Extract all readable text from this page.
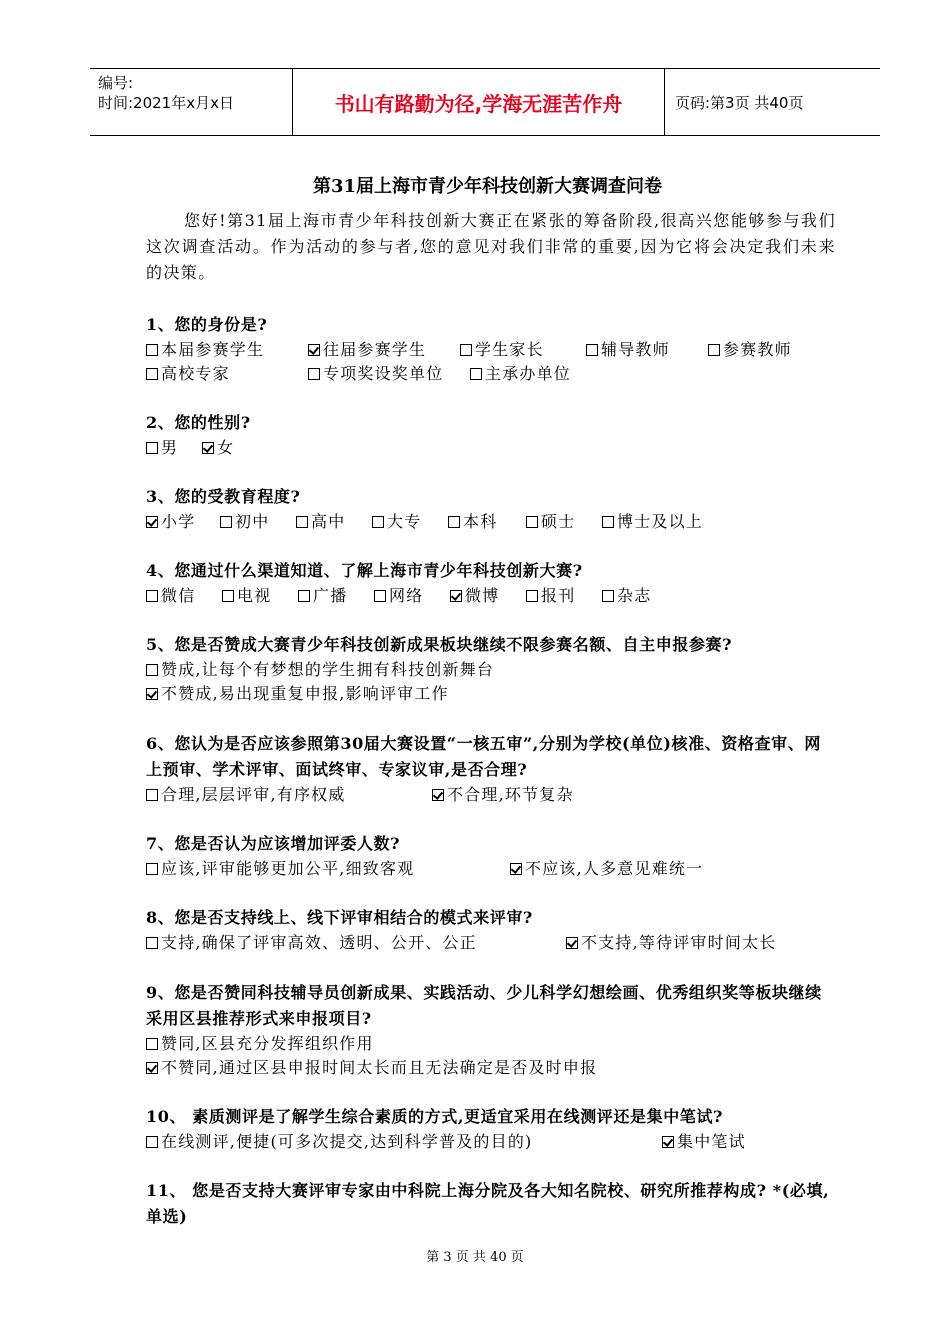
编号:
时间:2021年x月x日	书山有路勤为径,学海无涯苦作舟	页码:第3页 共40页
第31届上海市青少年科技创新大赛调查问卷
您好!第31届上海市青少年科技创新大赛正在紧张的筹备阶段,很高兴您能够参与我们这次调查活动。作为活动的参与者,您的意见对我们非常的重要,因为它将会决定我们未来的决策。
1、您的身份是?
本届参赛学生	往届参赛学生	学生家长	辅导教师	参赛教师
高校专家	专项奖设奖单位	主承办单位
2、您的性别?
男	女
3、您的受教育程度?
小学	初中	高中	大专	本科	硕士	博士及以上
4、您通过什么渠道知道、了解上海市青少年科技创新大赛?
微信	电视	广播	网络	微博	报刊	杂志
5、您是否赞成大赛青少年科技创新成果板块继续不限参赛名额、自主申报参赛?
赞成,让每个有梦想的学生拥有科技创新舞台
不赞成,易出现重复申报,影响评审工作
6、您认为是否应该参照第30届大赛设置“一核五审”,分别为学校(单位)核准、资格查审、网上预审、学术评审、面试终审、专家议审,是否合理?
合理,层层评审,有序权威	不合理,环节复杂
7、您是否认为应该增加评委人数?
应该,评审能够更加公平,细致客观	不应该,人多意见难统一
8、您是否支持线上、线下评审相结合的模式来评审?
支持,确保了评审高效、透明、公开、公正	不支持,等待评审时间太长
9、您是否赞同科技辅导员创新成果、实践活动、少儿科学幻想绘画、优秀组织奖等板块继续采用区县推荐形式来申报项目?
赞同,区县充分发挥组织作用
不赞同,通过区县申报时间太长而且无法确定是否及时申报
10、 素质测评是了解学生综合素质的方式,更适宜采用在线测评还是集中笔试?
在线测评,便捷(可多次提交,达到科学普及的目的)	集中笔试
11、 您是否支持大赛评审专家由中科院上海分院及各大知名院校、研究所推荐构成? *(必填,单选)
第 3 页 共 40 页
